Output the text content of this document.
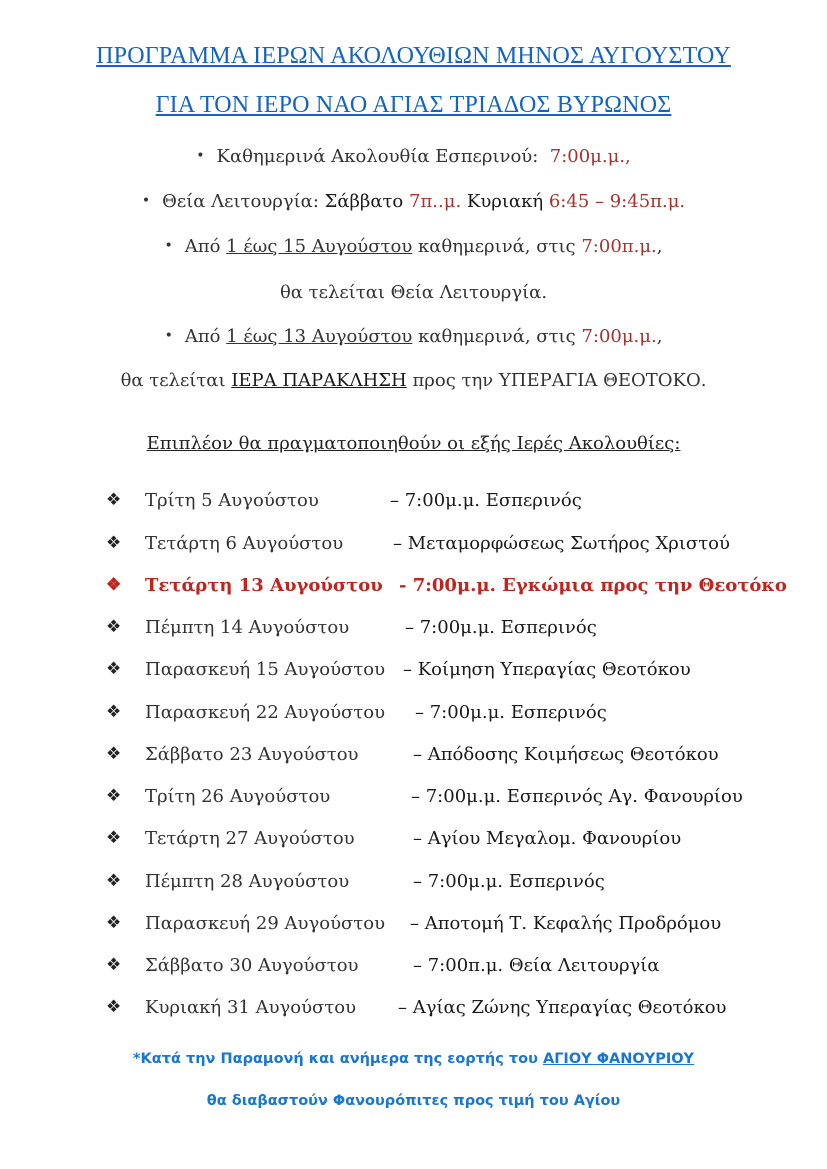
ΠΡΟΓΡΑΜΜΑ ΙΕΡΩΝ ΑΚΟΛΟΥΘΙΩΝ ΜΗΝΟΣ ΑΥΓΟΥΣΤΟΥ
ΓΙΑ ΤΟΝ ΙΕΡΟ ΝΑΟ ΑΓΙΑΣ ΤΡΙΑΔΟΣ ΒΥΡΩΝΟΣ
• Καθημερινά Ακολουθία Εσπερινού: 7:00μ.μ.,
• Θεία Λειτουργία: Σάββατο 7π..μ. Κυριακή 6:45 – 9:45π.μ.
• Από 1 έως 15 Αυγούστου καθημερινά, στις 7:00π.μ.,
θα τελείται Θεία Λειτουργία.
• Από 1 έως 13 Αυγούστου καθημερινά, στις 7:00μ.μ.,
θα τελείται ΙΕΡΑ ΠΑΡΑΚΛΗΣΗ προς την ΥΠΕΡΑΓΙΑ ΘΕΟΤΟΚΟ.
Επιπλέον θα πραγματοποιηθούν οι εξής Ιερές Ακολουθίες:
❖ Τρίτη 5 Αυγούστου	– 7:00μ.μ. Εσπερινός
❖ Τετάρτη 6 Αυγούστου	– Μεταμορφώσεως Σωτήρος Χριστού
❖ Τετάρτη 13 Αυγούστου - 7:00μ.μ. Εγκώμια προς την Θεοτόκο
❖ Πέμπτη 14 Αυγούστου	– 7:00μ.μ. Εσπερινός
❖ Παρασκευή 15 Αυγούστου – Κοίμηση Υπεραγίας Θεοτόκου
❖ Παρασκευή 22 Αυγούστου – 7:00μ.μ. Εσπερινός
❖ Σάββατο 23 Αυγούστου	– Απόδοσης Κοιμήσεως Θεοτόκου
❖ Τρίτη 26 Αυγούστου	– 7:00μ.μ. Εσπερινός Αγ. Φανουρίου
❖ Τετάρτη 27 Αυγούστου	– Αγίου Μεγαλομ. Φανουρίου
❖ Πέμπτη 28 Αυγούστου	– 7:00μ.μ. Εσπερινός
❖ Παρασκευή 29 Αυγούστου – Αποτομή Τ. Κεφαλής Προδρόμου
❖ Σάββατο 30 Αυγούστου	– 7:00π.μ. Θεία Λειτουργία
❖ Κυριακή 31 Αυγούστου – Αγίας Ζώνης Υπεραγίας Θεοτόκου
*Κατά την Παραμονή και ανήμερα της εορτής του ΑΓΙΟΥ ΦΑΝΟΥΡΙΟΥ
θα διαβαστούν Φανουρόπιτες προς τιμή του Αγίου
